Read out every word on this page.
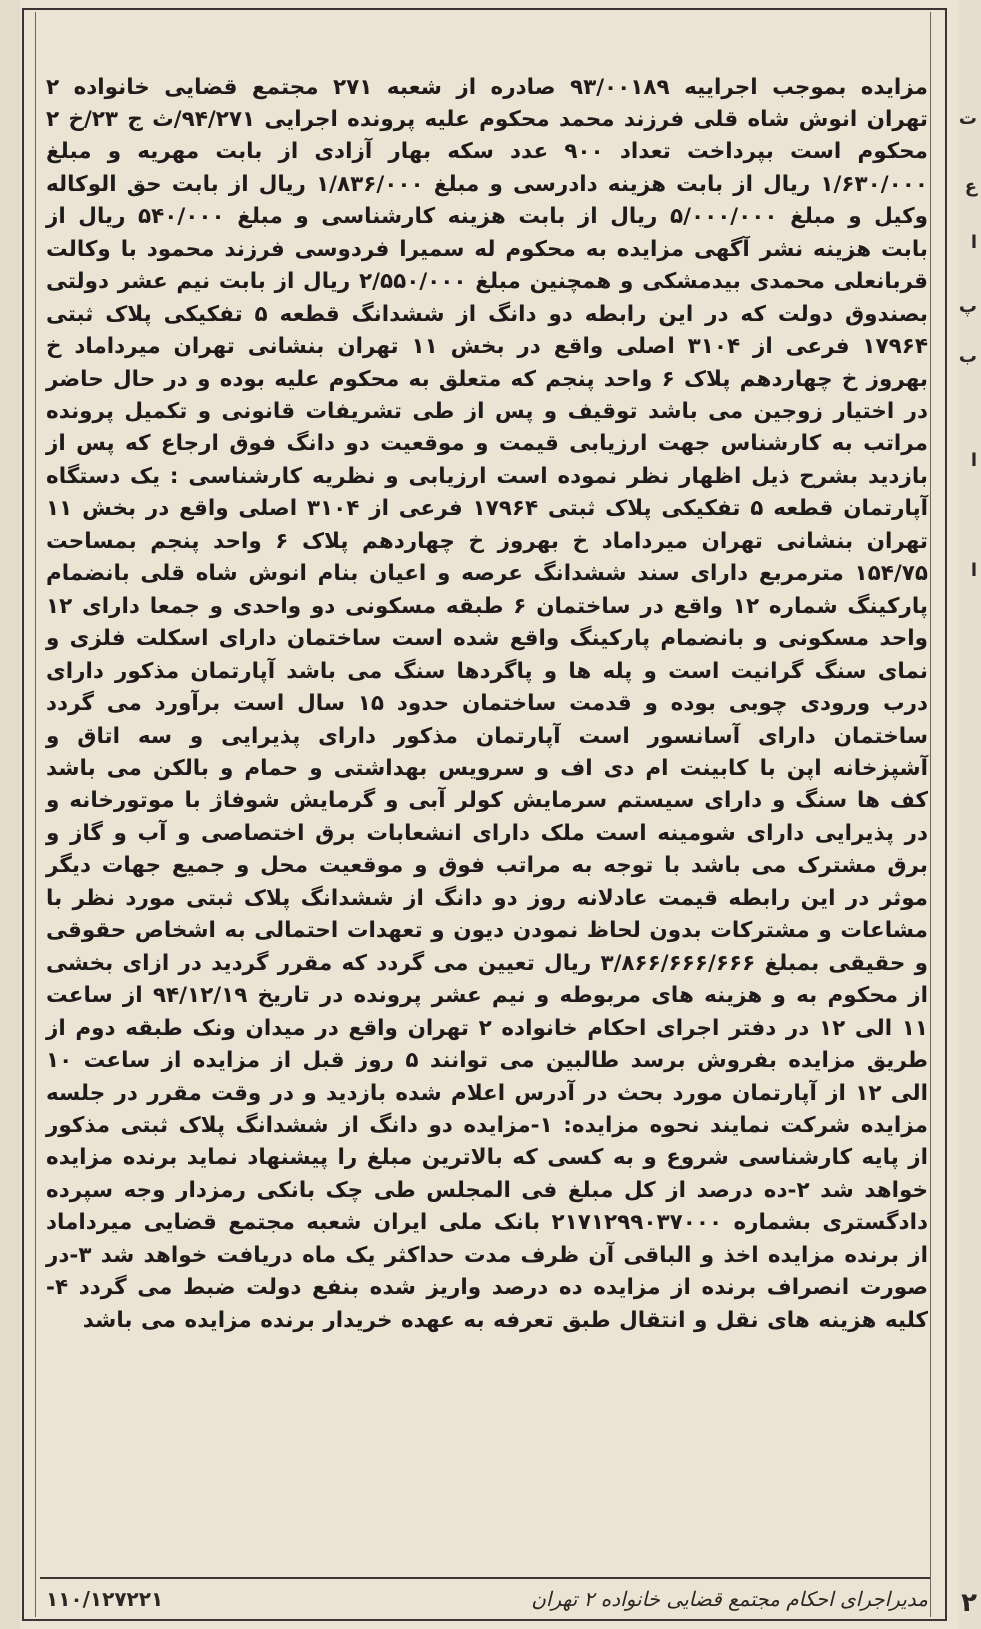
ت
ع
ا
پ
ب
ا
ا
۲

مزایده بموجب اجراییه ۹۳/۰۰۱۸۹ صادره از شعبه ۲۷۱ مجتمع قضایی خانواده ۲ تهران انوش شاه قلی فرزند محمد محکوم علیه پرونده اجرایی ۹۴/۲۷۱/ث ج ۲۳/خ ۲ محکوم است بپرداخت تعداد ۹۰۰ عدد سکه بهار آزادی از بابت مهریه و مبلغ ۱/۶۳۰/۰۰۰ ریال از بابت هزینه دادرسی و مبلغ ۱/۸۳۶/۰۰۰ ریال از بابت حق الوکاله وکیل و مبلغ ۵/۰۰۰/۰۰۰ ریال از بابت هزینه کارشناسی و مبلغ ۵۴۰/۰۰۰ ریال از بابت هزینه نشر آگهی مزایده به محکوم له سمیرا فردوسی فرزند محمود با وکالت قربانعلی محمدی بیدمشکی و همچنین مبلغ ۲/۵۵۰/۰۰۰ ریال از بابت نیم عشر دولتی بصندوق دولت که در این رابطه دو دانگ از ششدانگ قطعه ۵ تفکیکی پلاک ثبتی ۱۷۹۶۴ فرعی از ۳۱۰۴ اصلی واقع در بخش ۱۱ تهران بنشانی تهران میرداماد خ بهروز خ چهاردهم پلاک ۶ واحد پنجم که متعلق به محکوم علیه بوده و در حال حاضر در اختیار زوجین می باشد توقیف و پس از طی تشریفات قانونی و تکمیل پرونده مراتب به کارشناس جهت ارزیابی قیمت و موقعیت دو دانگ فوق ارجاع که پس از بازدید بشرح ذیل اظهار نظر نموده است ارزیابی و نظریه کارشناسی : یک دستگاه آپارتمان قطعه ۵ تفکیکی پلاک ثبتی ۱۷۹۶۴ فرعی از ۳۱۰۴ اصلی واقع در بخش ۱۱ تهران بنشانی تهران میرداماد خ بهروز خ چهاردهم پلاک ۶ واحد پنجم بمساحت ۱۵۴/۷۵ مترمربع دارای سند ششدانگ عرصه و اعیان بنام انوش شاه قلی بانضمام پارکینگ شماره ۱۲ واقع در ساختمان ۶ طبقه مسکونی دو واحدی و جمعا دارای ۱۲ واحد مسکونی و بانضمام پارکینگ واقع شده است ساختمان دارای اسکلت فلزی و نمای سنگ گرانیت است و پله ها و پاگردها سنگ می باشد آپارتمان مذکور دارای درب ورودی چوبی بوده و قدمت ساختمان حدود ۱۵ سال است برآورد می گردد ساختمان دارای آسانسور است آپارتمان مذکور دارای پذیرایی و سه اتاق و آشپزخانه اپن با کابینت ام دی اف و سرویس بهداشتی و حمام و بالکن می باشد کف ها سنگ و دارای سیستم سرمایش کولر آبی و گرمایش شوفاژ با موتورخانه و در پذیرایی دارای شومینه است ملک دارای انشعابات برق اختصاصی و آب و گاز و برق مشترک می باشد با توجه به مراتب فوق و موقعیت محل و جمیع جهات دیگر موثر در این رابطه قیمت عادلانه روز دو دانگ از ششدانگ پلاک ثبتی مورد نظر با مشاعات و مشترکات بدون لحاظ نمودن دیون و تعهدات احتمالی به اشخاص حقوقی و حقیقی بمبلغ ۳/۸۶۶/۶۶۶/۶۶۶ ریال تعیین می گردد که مقرر گردید در ازای بخشی از محکوم به و هزینه های مربوطه و نیم عشر پرونده در تاریخ ۹۴/۱۲/۱۹ از ساعت ۱۱ الی ۱۲ در دفتر اجرای احکام خانواده ۲ تهران واقع در میدان ونک طبقه دوم از طریق مزایده بفروش برسد طالبین می توانند ۵ روز قبل از مزایده از ساعت ۱۰ الی ۱۲ از آپارتمان مورد بحث در آدرس اعلام شده بازدید و در وقت مقرر در جلسه مزایده شرکت نمایند نحوه مزایده: ۱-مزایده دو دانگ از ششدانگ پلاک ثبتی مذکور از پایه کارشناسی شروع و به کسی که بالاترین مبلغ را پیشنهاد نماید برنده مزایده خواهد شد ۲-ده درصد از کل مبلغ فی المجلس طی چک بانکی رمزدار وجه سپرده دادگستری بشماره ۲۱۷۱۲۹۹۰۳۷۰۰۰ بانک ملی ایران شعبه مجتمع قضایی میرداماد از برنده مزایده اخذ و الباقی آن ظرف مدت حداکثر یک ماه دریافت خواهد شد ۳-در صورت انصراف برنده از مزایده ده درصد واریز شده بنفع دولت ضبط می گردد ۴-کلیه هزینه های نقل و انتقال طبق تعرفه به عهده خریدار برنده مزایده می باشد

مدیراجرای احکام مجتمع قضایی خانواده ۲ تهران
۱۱۰/۱۲۷۲۲۱
